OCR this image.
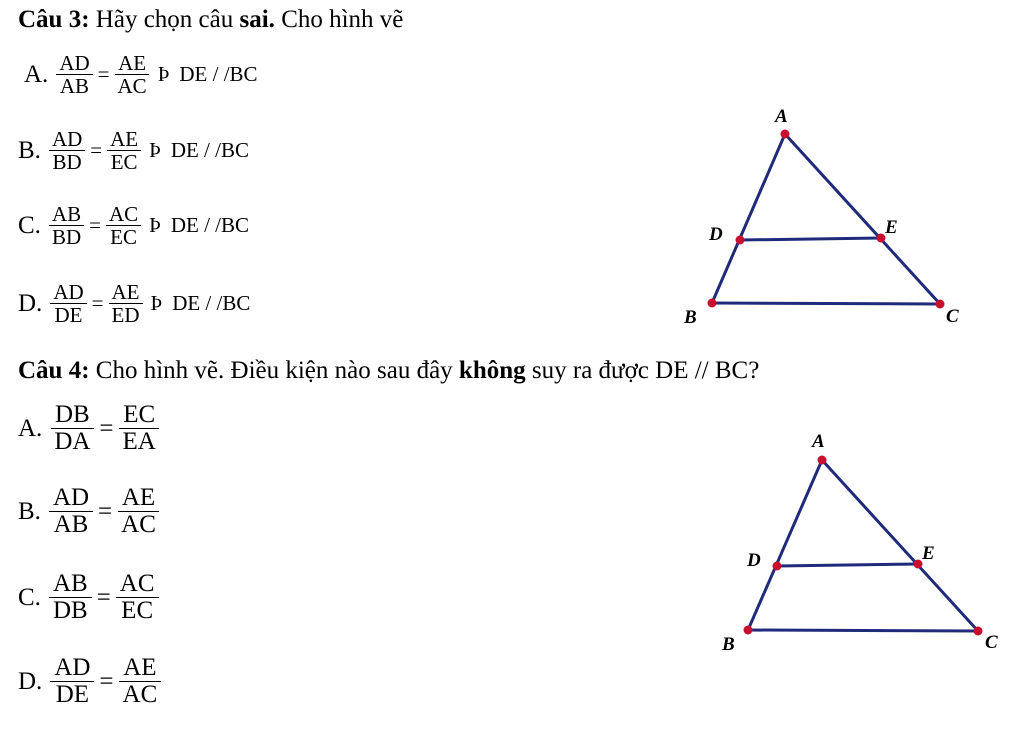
Câu 3: Hãy chọn câu sai. Cho hình vẽ
A. $\frac{AD}{AB} = \frac{AE}{AC}$ Þ DE / /BC
B. $\frac{AD}{BD} = \frac{AE}{EC}$ Þ DE / /BC
C. $\frac{AB}{BD} = \frac{AC}{EC}$ Þ DE / /BC
D. $\frac{AD}{DE} = \frac{AE}{ED}$ Þ DE / /BC
Câu 4: Cho hình vẽ. Điều kiện nào sau đây không suy ra được DE // BC?
A. $\frac{DB}{DA} = \frac{EC}{EA}$
B. $\frac{AD}{AB} = \frac{AE}{AC}$
C. $\frac{AB}{DB} = \frac{AC}{EC}$
D. $\frac{AD}{DE} = \frac{AE}{AC}$
A
B	C
D	E
A
B	C
D	E
